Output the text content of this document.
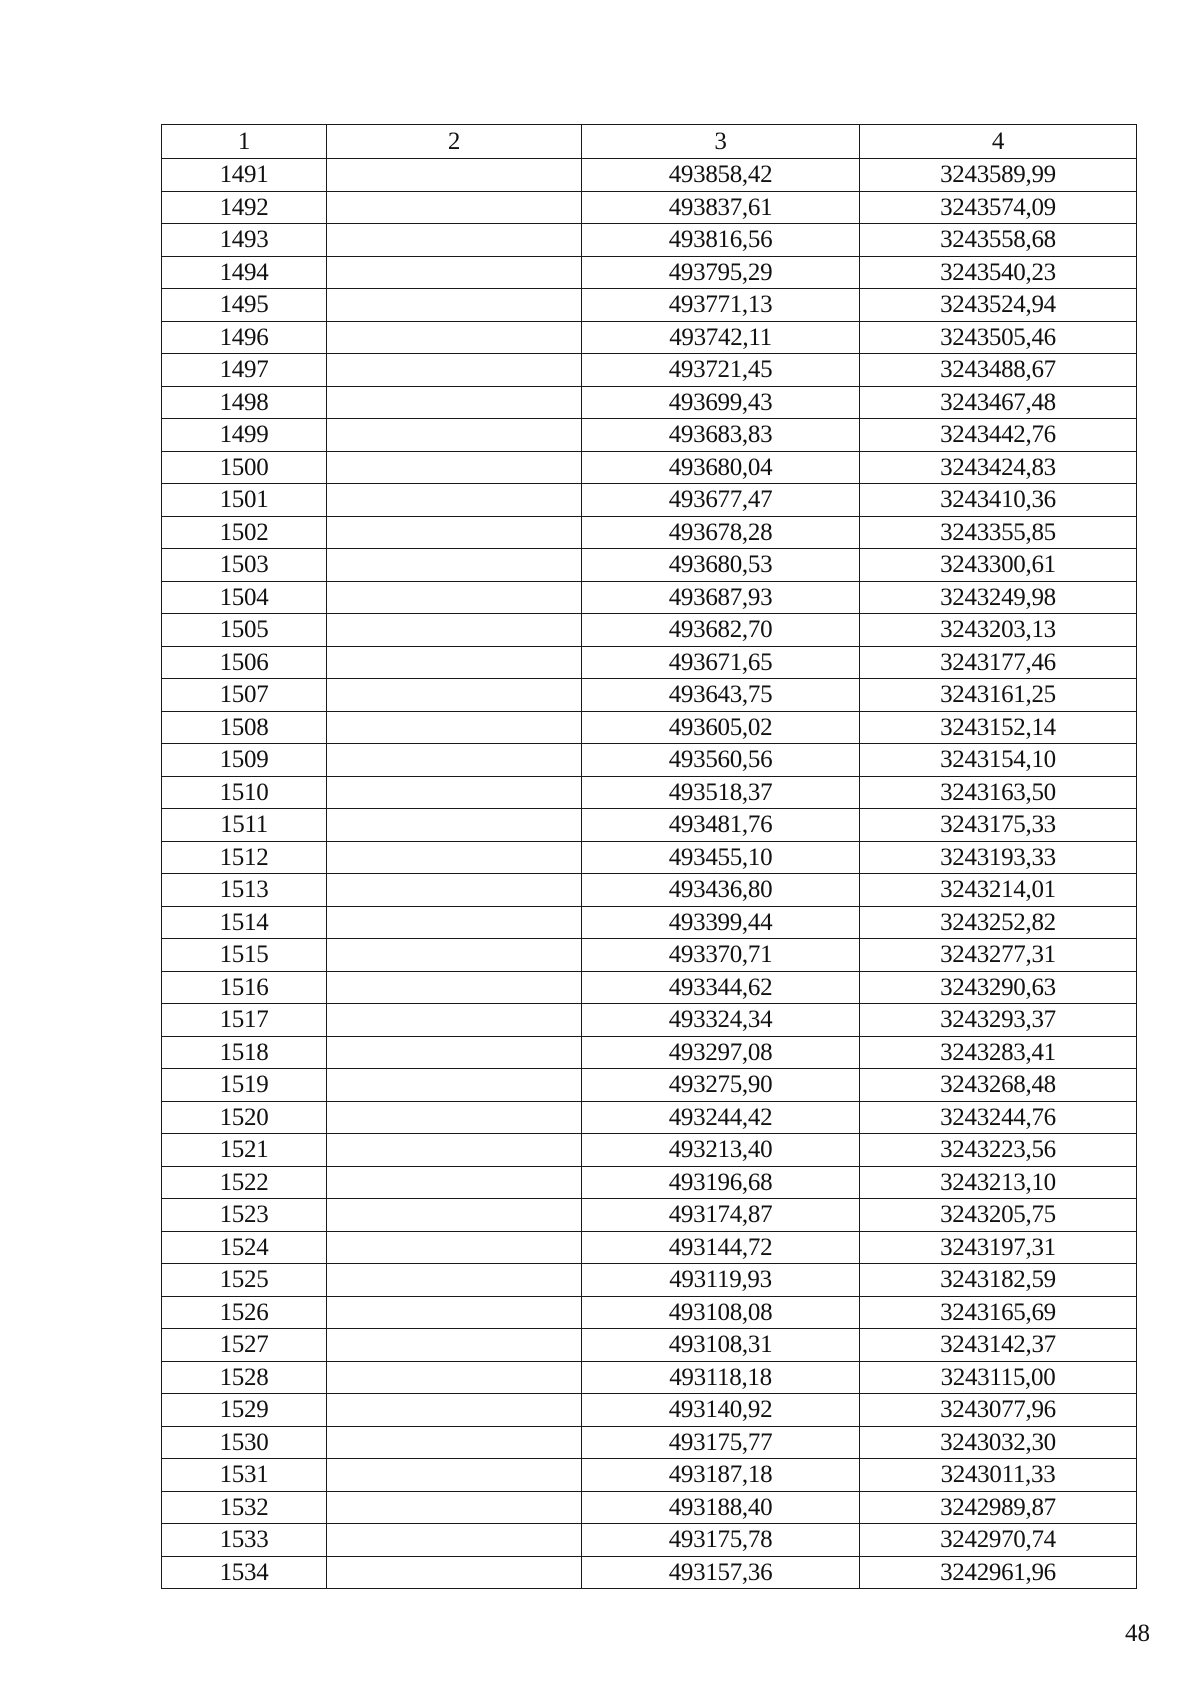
1	2	3	4
1491		493858,42	3243589,99
1492		493837,61	3243574,09
1493		493816,56	3243558,68
1494		493795,29	3243540,23
1495		493771,13	3243524,94
1496		493742,11	3243505,46
1497		493721,45	3243488,67
1498		493699,43	3243467,48
1499		493683,83	3243442,76
1500		493680,04	3243424,83
1501		493677,47	3243410,36
1502		493678,28	3243355,85
1503		493680,53	3243300,61
1504		493687,93	3243249,98
1505		493682,70	3243203,13
1506		493671,65	3243177,46
1507		493643,75	3243161,25
1508		493605,02	3243152,14
1509		493560,56	3243154,10
1510		493518,37	3243163,50
1511		493481,76	3243175,33
1512		493455,10	3243193,33
1513		493436,80	3243214,01
1514		493399,44	3243252,82
1515		493370,71	3243277,31
1516		493344,62	3243290,63
1517		493324,34	3243293,37
1518		493297,08	3243283,41
1519		493275,90	3243268,48
1520		493244,42	3243244,76
1521		493213,40	3243223,56
1522		493196,68	3243213,10
1523		493174,87	3243205,75
1524		493144,72	3243197,31
1525		493119,93	3243182,59
1526		493108,08	3243165,69
1527		493108,31	3243142,37
1528		493118,18	3243115,00
1529		493140,92	3243077,96
1530		493175,77	3243032,30
1531		493187,18	3243011,33
1532		493188,40	3242989,87
1533		493175,78	3242970,74
1534		493157,36	3242961,96
48
